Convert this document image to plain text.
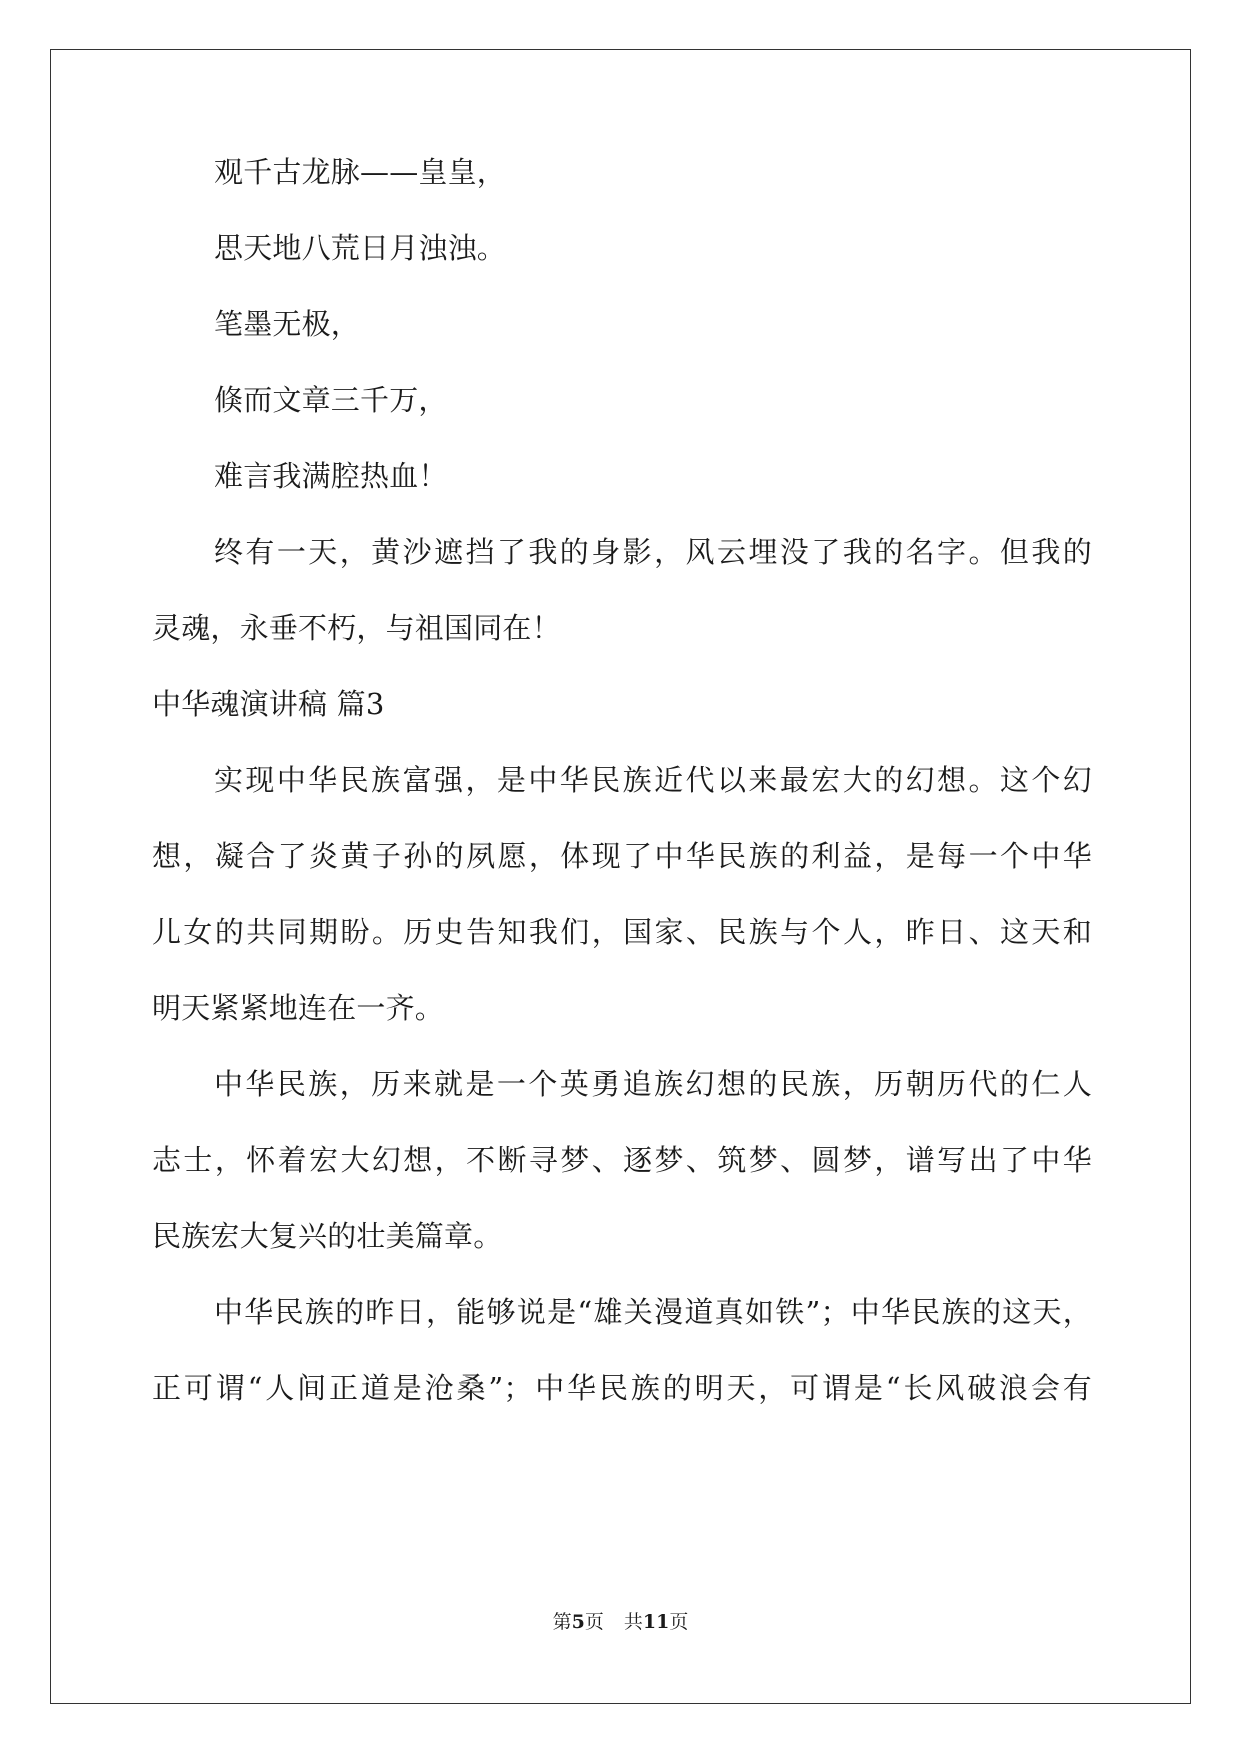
观千古龙脉——皇皇，
思天地八荒日月浊浊。
笔墨无极，
倏而文章三千万，
难言我满腔热血！
终有一天，黄沙遮挡了我的身影，风云埋没了我的名字。但我的
灵魂，永垂不朽，与祖国同在！
中华魂演讲稿 篇3
实现中华民族富强，是中华民族近代以来最宏大的幻想。这个幻
想，凝合了炎黄子孙的夙愿，体现了中华民族的利益，是每一个中华
儿女的共同期盼。历史告知我们，国家、民族与个人，昨日、这天和
明天紧紧地连在一齐。
中华民族，历来就是一个英勇追族幻想的民族，历朝历代的仁人
志士，怀着宏大幻想，不断寻梦、逐梦、筑梦、圆梦，谱写出了中华
民族宏大复兴的壮美篇章。
中华民族的昨日，能够说是“雄关漫道真如铁”；中华民族的这天，
正可谓“人间正道是沧桑”；中华民族的明天，可谓是“长风破浪会有
第5页 共11页
